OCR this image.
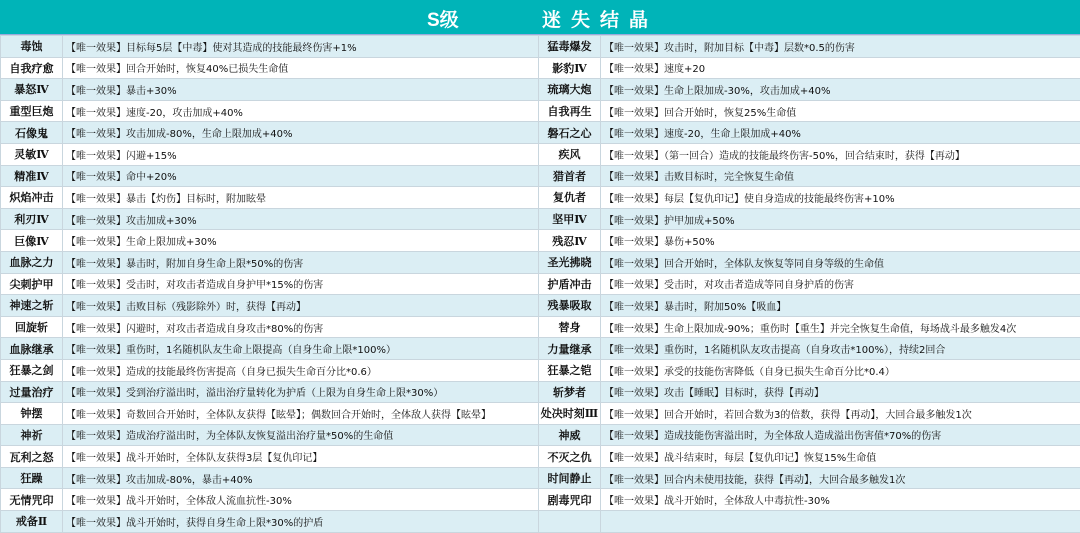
S级	迷失结晶
毒蚀	【唯一效果】目标每5层【中毒】使对其造成的技能最终伤害+1%	猛毒爆发	【唯一效果】攻击时，附加目标【中毒】层数*0.5的伤害
自我疗愈	【唯一效果】回合开始时，恢复40%已损失生命值	影豹Ⅳ	【唯一效果】速度+20
暴怒Ⅳ	【唯一效果】暴击+30%	琉璃大炮	【唯一效果】生命上限加成-30%，攻击加成+40%
重型巨炮	【唯一效果】速度-20，攻击加成+40%	自我再生	【唯一效果】回合开始时，恢复25%生命值
石像鬼	【唯一效果】攻击加成-80%，生命上限加成+40%	磐石之心	【唯一效果】速度-20，生命上限加成+40%
灵敏Ⅳ	【唯一效果】闪避+15%	疾风	【唯一效果】（第一回合）造成的技能最终伤害-50%，回合结束时，获得【再动】
精准Ⅳ	【唯一效果】命中+20%	猎首者	【唯一效果】击败目标时，完全恢复生命值
炽焰冲击	【唯一效果】暴击【灼伤】目标时，附加眩晕	复仇者	【唯一效果】每层【复仇印记】使自身造成的技能最终伤害+10%
利刃Ⅳ	【唯一效果】攻击加成+30%	坚甲Ⅳ	【唯一效果】护甲加成+50%
巨像Ⅳ	【唯一效果】生命上限加成+30%	残忍Ⅳ	【唯一效果】暴伤+50%
血脉之力	【唯一效果】暴击时，附加自身生命上限*50%的伤害	圣光拂晓	【唯一效果】回合开始时，全体队友恢复等同自身等级的生命值
尖刺护甲	【唯一效果】受击时，对攻击者造成自身护甲*15%的伤害	护盾冲击	【唯一效果】受击时，对攻击者造成等同自身护盾的伤害
神速之斩	【唯一效果】击败目标（残影除外）时，获得【再动】	残暴吸取	【唯一效果】暴击时，附加50%【吸血】
回旋斩	【唯一效果】闪避时，对攻击者造成自身攻击*80%的伤害	替身	【唯一效果】生命上限加成-90%；重伤时【重生】并完全恢复生命值，每场战斗最多触发4次
血脉继承	【唯一效果】重伤时，1名随机队友生命上限提高（自身生命上限*100%）	力量继承	【唯一效果】重伤时，1名随机队友攻击提高（自身攻击*100%），持续2回合
狂暴之剑	【唯一效果】造成的技能最终伤害提高（自身已损失生命百分比*0.6）	狂暴之铠	【唯一效果】承受的技能伤害降低（自身已损失生命百分比*0.4）
过量治疗	【唯一效果】受到治疗溢出时，溢出治疗量转化为护盾（上限为自身生命上限*30%）	斩梦者	【唯一效果】攻击【睡眠】目标时，获得【再动】
钟摆	【唯一效果】奇数回合开始时，全体队友获得【眩晕】；偶数回合开始时，全体敌人获得【眩晕】	处决时刻Ⅲ	【唯一效果】回合开始时，若回合数为3的倍数，获得【再动】，大回合最多触发1次
神祈	【唯一效果】造成治疗溢出时，为全体队友恢复溢出治疗量*50%的生命值	神威	【唯一效果】造成技能伤害溢出时，为全体敌人造成溢出伤害值*70%的伤害
瓦利之怒	【唯一效果】战斗开始时，全体队友获得3层【复仇印记】	不灭之仇	【唯一效果】战斗结束时，每层【复仇印记】恢复15%生命值
狂躁	【唯一效果】攻击加成-80%，暴击+40%	时间静止	【唯一效果】回合内未使用技能，获得【再动】，大回合最多触发1次
无情咒印	【唯一效果】战斗开始时，全体敌人流血抗性-30%	剧毒咒印	【唯一效果】战斗开始时，全体敌人中毒抗性-30%
戒备Ⅱ	【唯一效果】战斗开始时，获得自身生命上限*30%的护盾		
